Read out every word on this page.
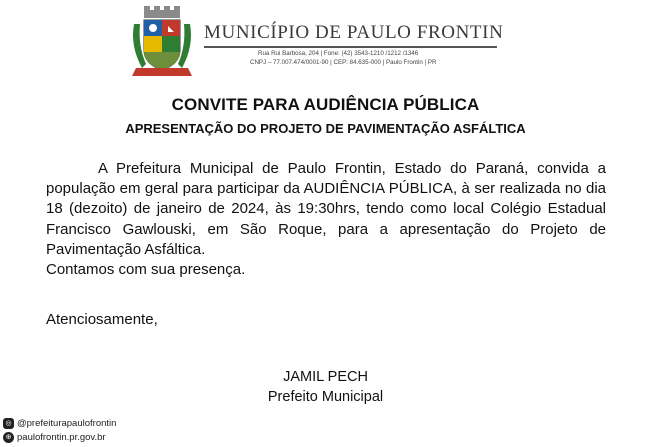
MUNICÍPIO DE PAULO FRONTIN
Rua Rui Barbosa, 204 | Fone: (42) 3543-1210 /1212 /1346
CNPJ – 77.007.474/0001-90 | CEP: 84.635-000 | Paulo Frontin | PR
CONVITE PARA AUDIÊNCIA PÚBLICA
APRESENTAÇÃO DO PROJETO DE PAVIMENTAÇÃO ASFÁLTICA

A Prefeitura Municipal de Paulo Frontin, Estado do Paraná, convida a população em geral para participar da AUDIÊNCIA PÚBLICA, à ser realizada no dia 18 (dezoito) de janeiro de 2024, às 19:30hrs, tendo como local Colégio Estadual Francisco Gawlouski, em São Roque, para a apresentação do Projeto de Pavimentação Asfáltica.

Contamos com sua presença.

Atenciosamente,
JAMIL PECH
Prefeito Municipal
◎ @prefeiturapaulofrontin
⊕ paulofrontin.pr.gov.br
